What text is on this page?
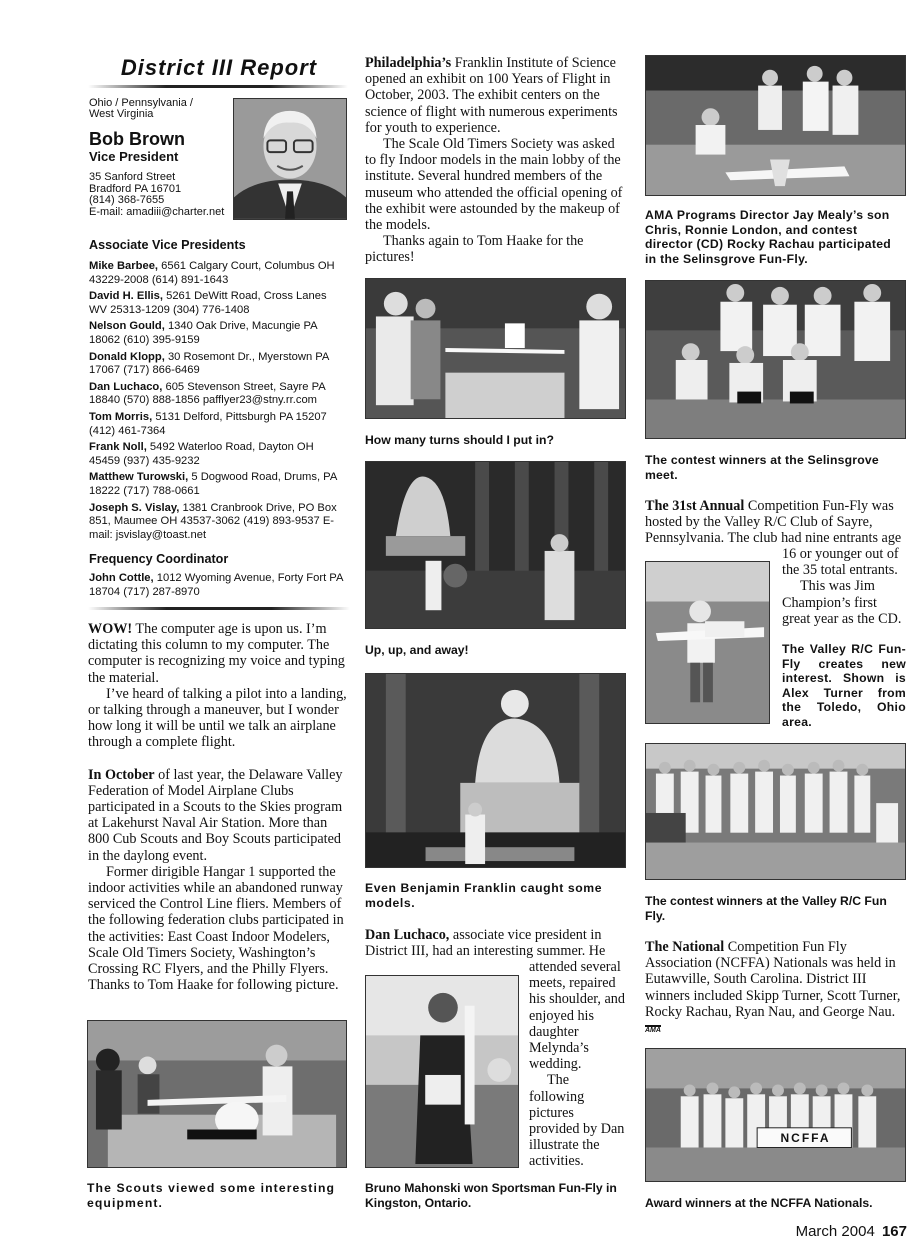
District III Report
Ohio / Pennsylvania / West Virginia
Bob Brown
Vice President
35 Sanford Street
Bradford PA 16701
(814) 368-7655
E-mail: amadiii@charter.net
Associate Vice Presidents

Mike Barbee, 6561 Calgary Court, Columbus OH 43229-2008 (614) 891-1643

David H. Ellis, 5261 DeWitt Road, Cross Lanes WV 25313-1209 (304) 776-1408

Nelson Gould, 1340 Oak Drive, Macungie PA 18062 (610) 395-9159

Donald Klopp, 30 Rosemont Dr., Myerstown PA 17067 (717) 866-6469

Dan Luchaco, 605 Stevenson Street, Sayre PA 18840 (570) 888-1856 pafflyer23@stny.rr.com

Tom Morris, 5131 Delford, Pittsburgh PA 15207 (412) 461-7364

Frank Noll, 5492 Waterloo Road, Dayton OH 45459 (937) 435-9232

Matthew Turowski, 5 Dogwood Road, Drums, PA 18222 (717) 788-0661

Joseph S. Vislay, 1381 Cranbrook Drive, PO Box 851, Maumee OH 43537-3062 (419) 893-9537 E-mail: jsvislay@toast.net

Frequency Coordinator

John Cottle, 1012 Wyoming Avenue, Forty Fort PA 18704 (717) 287-8970

WOW! The computer age is upon us. I’m dictating this column to my computer. The computer is recognizing my voice and typing the material.

I’ve heard of talking a pilot into a landing, or talking through a maneuver, but I wonder how long it will be until we talk an airplane through a complete flight.

In October of last year, the Delaware Valley Federation of Model Airplane Clubs participated in a Scouts to the Skies program at Lakehurst Naval Air Station. More than 800 Cub Scouts and Boy Scouts participated in the daylong event.

Former dirigible Hangar 1 supported the indoor activities while an abandoned runway serviced the Control Line fliers. Members of the following federation clubs participated in the activities: East Coast Indoor Modelers, Scale Old Timers Society, Washington’s Crossing RC Flyers, and the Philly Flyers. Thanks to Tom Haake for following picture.

The Scouts viewed some interesting equipment.

Philadelphia’s Franklin Institute of Science opened an exhibit on 100 Years of Flight in October, 2003. The exhibit centers on the science of flight with numerous experiments for youth to experience.

The Scale Old Timers Society was asked to fly Indoor models in the main lobby of the institute. Several hundred members of the museum who attended the official opening of the exhibit were astounded by the makeup of the models.

Thanks again to Tom Haake for the pictures!

How many turns should I put in?
Up, up, and away!
Even Benjamin Franklin caught some models.

Dan Luchaco, associate vice president in District III, had an interesting summer. He

attended several meets, repaired his shoulder, and enjoyed his daughter Melynda’s wedding.

The following pictures provided by Dan illustrate the activities.

Bruno Mahonski won Sportsman Fun-Fly in Kingston, Ontario.
AMA Programs Director Jay Mealy’s son Chris, Ronnie London, and contest director (CD) Rocky Rachau participated in the Selinsgrove Fun-Fly.
The contest winners at the Selinsgrove meet.

The 31st Annual Competition Fun-Fly was hosted by the Valley R/C Club of Sayre, Pennsylvania. The club had nine entrants age

16 or younger out of the 35 total entrants.

This was Jim Champion’s first great year as the CD.

The Valley R/C Fun-Fly creates new interest. Shown is Alex Turner from the Toledo, Ohio area.
The contest winners at the Valley R/C Fun Fly.

The National Competition Fun Fly Association (NCFFA) Nationals was held in Eutawville, South Carolina. District III winners included Skipp Turner, Scott Turner, Rocky Rachau, Ryan Nau, and George Nau. AMA

NCFFA
Award winners at the NCFFA Nationals.
March 2004 167
